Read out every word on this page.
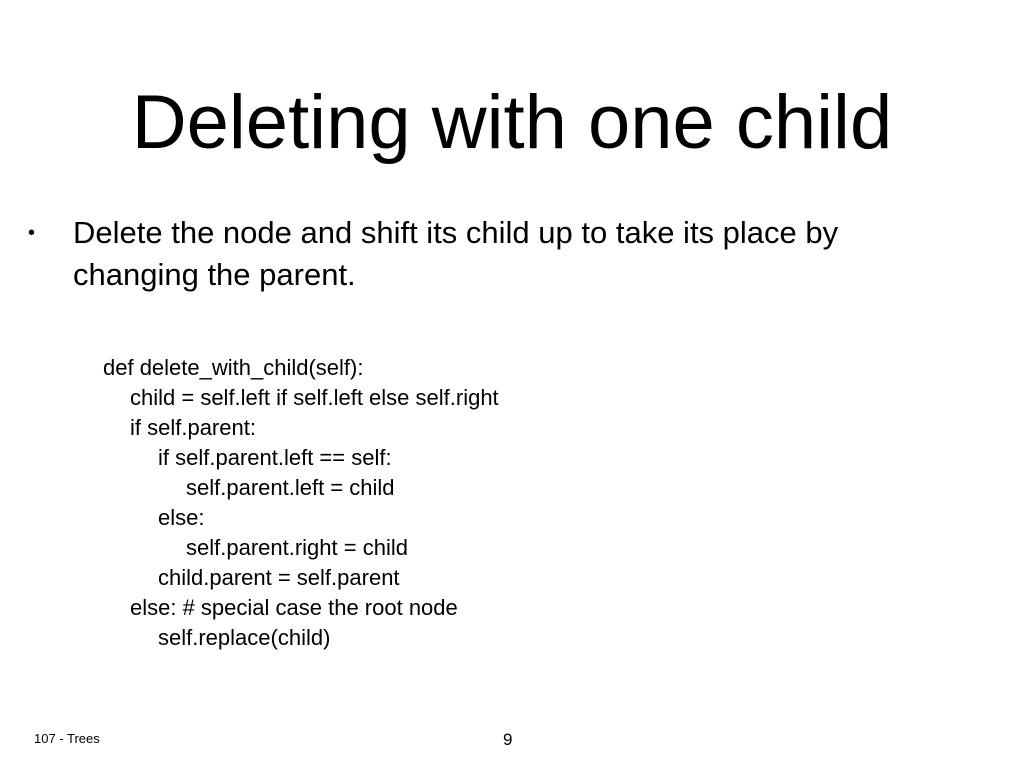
Deleting with one child
• Delete the node and shift its child up to take its place by changing the parent.
def delete_with_child(self):
child = self.left if self.left else self.right
if self.parent:
if self.parent.left == self:
self.parent.left = child
else:
self.parent.right = child
child.parent = self.parent
else: # special case the root node
self.replace(child)
107 - Trees	9
